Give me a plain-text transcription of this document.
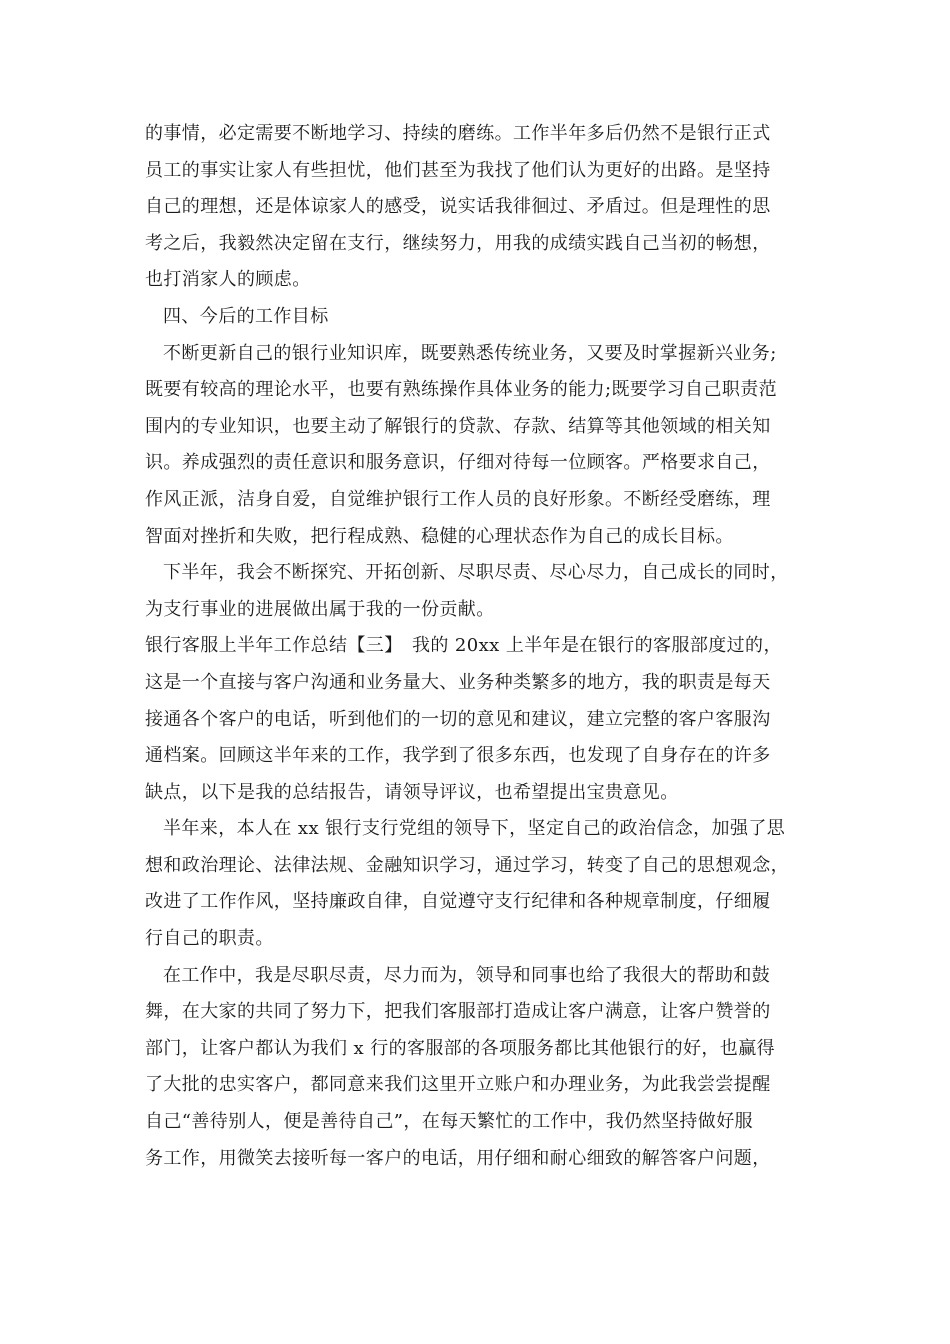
的事情，必定需要不断地学习、持续的磨练。工作半年多后仍然不是银行正式
员工的事实让家人有些担忧，他们甚至为我找了他们认为更好的出路。是坚持
自己的理想，还是体谅家人的感受，说实话我徘徊过、矛盾过。但是理性的思
考之后，我毅然决定留在支行，继续努力，用我的成绩实践自己当初的畅想，
也打消家人的顾虑。
四、今后的工作目标
不断更新自己的银行业知识库，既要熟悉传统业务，又要及时掌握新兴业务;
既要有较高的理论水平，也要有熟练操作具体业务的能力;既要学习自己职责范
围内的专业知识，也要主动了解银行的贷款、存款、结算等其他领域的相关知
识。养成强烈的责任意识和服务意识，仔细对待每一位顾客。严格要求自己，
作风正派，洁身自爱，自觉维护银行工作人员的良好形象。不断经受磨练，理
智面对挫折和失败，把行程成熟、稳健的心理状态作为自己的成长目标。
下半年，我会不断探究、开拓创新、尽职尽责、尽心尽力，自己成长的同时，
为支行事业的进展做出属于我的一份贡献。
银行客服上半年工作总结【三】　我的 20xx 上半年是在银行的客服部度过的，
这是一个直接与客户沟通和业务量大、业务种类繁多的地方，我的职责是每天
接通各个客户的电话，听到他们的一切的意见和建议，建立完整的客户客服沟
通档案。回顾这半年来的工作，我学到了很多东西，也发现了自身存在的许多
缺点，以下是我的总结报告，请领导评议，也希望提出宝贵意见。
半年来，本人在 xx 银行支行党组的领导下，坚定自己的政治信念，加强了思
想和政治理论、法律法规、金融知识学习，通过学习，转变了自己的思想观念，
改进了工作作风，坚持廉政自律，自觉遵守支行纪律和各种规章制度，仔细履
行自己的职责。
在工作中，我是尽职尽责，尽力而为，领导和同事也给了我很大的帮助和鼓
舞，在大家的共同了努力下，把我们客服部打造成让客户满意，让客户赞誉的
部门，让客户都认为我们 x 行的客服部的各项服务都比其他银行的好，也赢得
了大批的忠实客户，都同意来我们这里开立账户和办理业务，为此我尝尝提醒
自己“善待别人，便是善待自己”，在每天繁忙的工作中，我仍然坚持做好服
务工作，用微笑去接听每一客户的电话，用仔细和耐心细致的解答客户问题，
